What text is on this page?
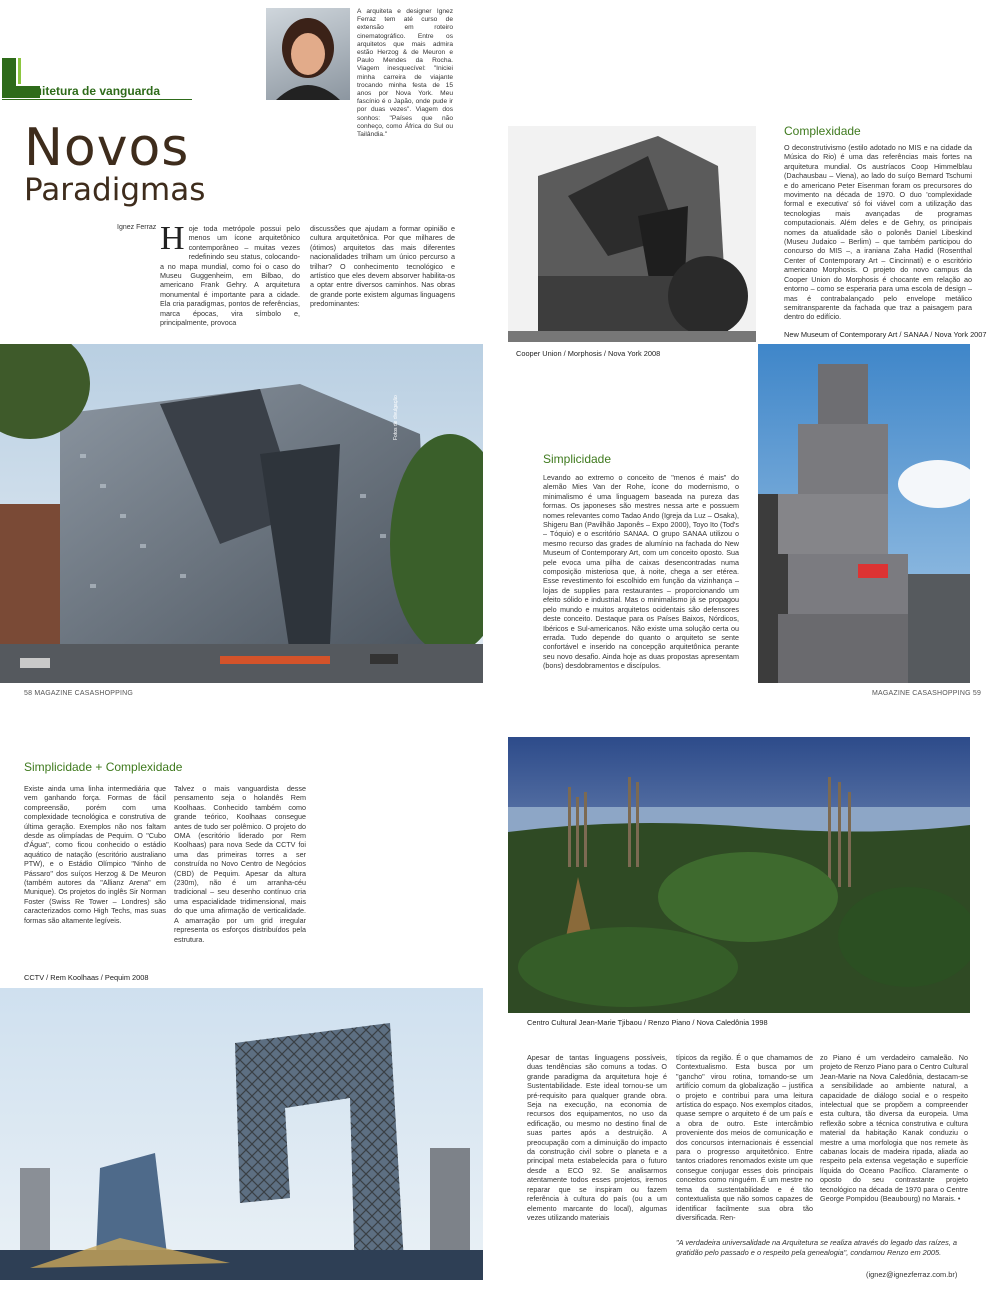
arquitetura de vanguarda
A arquiteta e designer Ignez Ferraz tem até curso de extensão em roteiro cinematográfico. Entre os arquitetos que mais admira estão Herzog & de Meuron e Paulo Mendes da Rocha. Viagem inesquecível: "Iniciei minha carreira de viajante trocando minha festa de 15 anos por Nova York. Meu fascínio é o Japão, onde pude ir por duas vezes". Viagem dos sonhos: "Países que não conheço, como África do Sul ou Tailândia."
Novos
Paradigmas
Ignez Ferraz Hoje toda metrópole possui pelo menos um ícone arquitetônico contemporâneo – muitas vezes redefinindo seu status, colocando-a no mapa mundial, como foi o caso do Museu Guggenheim, em Bilbao, do americano Frank Gehry. A arquitetura monumental é importante para a cidade. Ela cria paradigmas, pontos de referências, marca épocas, vira símbolo e, principalmente, provoca
discussões que ajudam a formar opinião e cultura arquitetônica. Por que milhares de (ótimos) arquitetos das mais diferentes nacionalidades trilham um único percurso a trilhar? O conhecimento tecnológico e artístico que eles devem absorver habilita-os a optar entre diversos caminhos. Nas obras de grande porte existem algumas linguagens predominantes:
Fotos de divulgação
58 MAGAZINE CASASHOPPING
Cooper Union / Morphosis / Nova York 2008
Complexidade
O deconstrutivismo (estilo adotado no MIS e na cidade da Música do Rio) é uma das referências mais fortes na arquitetura mundial. Os austríacos Coop Himmelblau (Dachausbau – Viena), ao lado do suíço Bernard Tschumi e do americano Peter Eisenman foram os precursores do movimento na década de 1970. O duo 'complexidade formal e executiva' só foi viável com a utilização das tecnologias mais avançadas de programas computacionais. Além deles e de Gehry, os principais nomes da atualidade são o polonês Daniel Libeskind (Museu Judaico – Berlim) – que também participou do concurso do MIS –, a iraniana Zaha Hadid (Rosenthal Center of Contemporary Art – Cincinnati) e o escritório americano Morphosis. O projeto do novo campus da Cooper Union do Morphosis é chocante em relação ao entorno – como se esperaria para uma escola de design – mas é contrabalançado pelo envelope metálico semitransparente da fachada que traz a paisagem para dentro do edifício.
New Museum of Contemporary Art / SANAA / Nova York 2007
Simplicidade
Levando ao extremo o conceito de "menos é mais" do alemão Mies Van der Rohe, ícone do modernismo, o minimalismo é uma linguagem baseada na pureza das formas. Os japoneses são mestres nessa arte e possuem nomes relevantes como Tadao Ando (Igreja da Luz – Osaka), Shigeru Ban (Pavilhão Japonês – Expo 2000), Toyo Ito (Tod's – Tóquio) e o escritório SANAA. O grupo SANAA utilizou o mesmo recurso das grades de alumínio na fachada do New Museum of Contemporary Art, com um conceito oposto. Sua pele evoca uma pilha de caixas desencontradas numa composição misteriosa que, à noite, chega a ser etérea. Esse revestimento foi escolhido em função da vizinhança – lojas de supplies para restaurantes – proporcionando um efeito sólido e industrial. Mas o minimalismo já se propagou pelo mundo e muitos arquitetos ocidentais são defensores deste conceito. Destaque para os Países Baixos, Nórdicos, Ibéricos e Sul-americanos. Não existe uma solução certa ou errada. Tudo depende do quanto o arquiteto se sente confortável e inserido na concepção arquitetônica perante seu novo desafio. Ainda hoje as duas propostas apresentam (bons) desdobramentos e discípulos.
MAGAZINE CASASHOPPING 59
Simplicidade + Complexidade
Existe ainda uma linha intermediária que vem ganhando força. Formas de fácil compreensão, porém com uma complexidade tecnológica e construtiva de última geração. Exemplos não nos faltam desde as olimpíadas de Pequim. O "Cubo d'Água", como ficou conhecido o estádio aquático de natação (escritório australiano PTW), e o Estádio Olímpico "Ninho de Pássaro" dos suíços Herzog & De Meuron (também autores da "Allianz Arena" em Munique). Os projetos do inglês Sir Norman Foster (Swiss Re Tower – Londres) são caracterizados como High Techs, mas suas formas são altamente legíveis.
Talvez o mais vanguardista desse pensamento seja o holandês Rem Koolhaas. Conhecido também como grande teórico, Koolhaas consegue antes de tudo ser polêmico. O projeto do OMA (escritório liderado por Rem Koolhaas) para nova Sede da CCTV foi uma das primeiras torres a ser construída no Novo Centro de Negócios (CBD) de Pequim. Apesar da altura (230m), não é um arranha-céu tradicional – seu desenho contínuo cria uma espacialidade tridimensional, mais do que uma afirmação de verticalidade. A amarração por um grid irregular representa os esforços distribuídos pela estrutura.
CCTV / Rem Koolhaas / Pequim 2008
Centro Cultural Jean-Marie Tjibaou / Renzo Piano / Nova Caledônia 1998
Apesar de tantas linguagens possíveis, duas tendências são comuns a todas. O grande paradigma da arquitetura hoje é Sustentabilidade. Este ideal tornou-se um pré-requisito para qualquer grande obra. Seja na execução, na economia de recursos dos equipamentos, no uso da edificação, ou mesmo no destino final de suas partes após a destruição. A preocupação com a diminuição do impacto da construção civil sobre o planeta e a principal meta estabelecida para o futuro desde a ECO 92. Se analisarmos atentamente todos esses projetos, iremos reparar que se inspiram ou fazem referência à cultura do país (ou a um elemento marcante do local), algumas vezes utilizando materiais
típicos da região. É o que chamamos de Contextualismo. Esta busca por um "gancho" virou rotina, tornando-se um artifício comum da globalização – justifica o projeto e contribui para uma leitura artística do espaço. Nos exemplos citados, quase sempre o arquiteto é de um país e a obra de outro. Este intercâmbio proveniente dos meios de comunicação e dos concursos internacionais é essencial para o progresso arquitetônico. Entre tantos criadores renomados existe um que consegue conjugar esses dois principais conceitos como ninguém. É um mestre no tema da sustentabilidade e é tão contextualista que não somos capazes de identificar facilmente sua obra tão diversificada. Ren-
zo Piano é um verdadeiro camaleão. No projeto de Renzo Piano para o Centro Cultural Jean-Marie na Nova Caledônia, destacam-se a sensibilidade ao ambiente natural, a capacidade de diálogo social e o respeito intelectual que se propõem a compreender esta cultura, tão diversa da europeia. Uma reflexão sobre a técnica construtiva e cultura material da habitação Kanak conduziu o mestre a uma morfologia que nos remete às cabanas locais de madeira ripada, aliada ao respeito pela extensa vegetação e superfície líquida do Oceano Pacífico. Claramente o oposto do seu contrastante projeto tecnológico na década de 1970 para o Centre George Pompidou (Beaubourg) no Marais. •
"A verdadeira universalidade na Arquitetura se realiza através do legado das raízes, a gratidão pelo passado e o respeito pela genealogia", condamou Renzo em 2005.
(ignez@ignezferraz.com.br)
